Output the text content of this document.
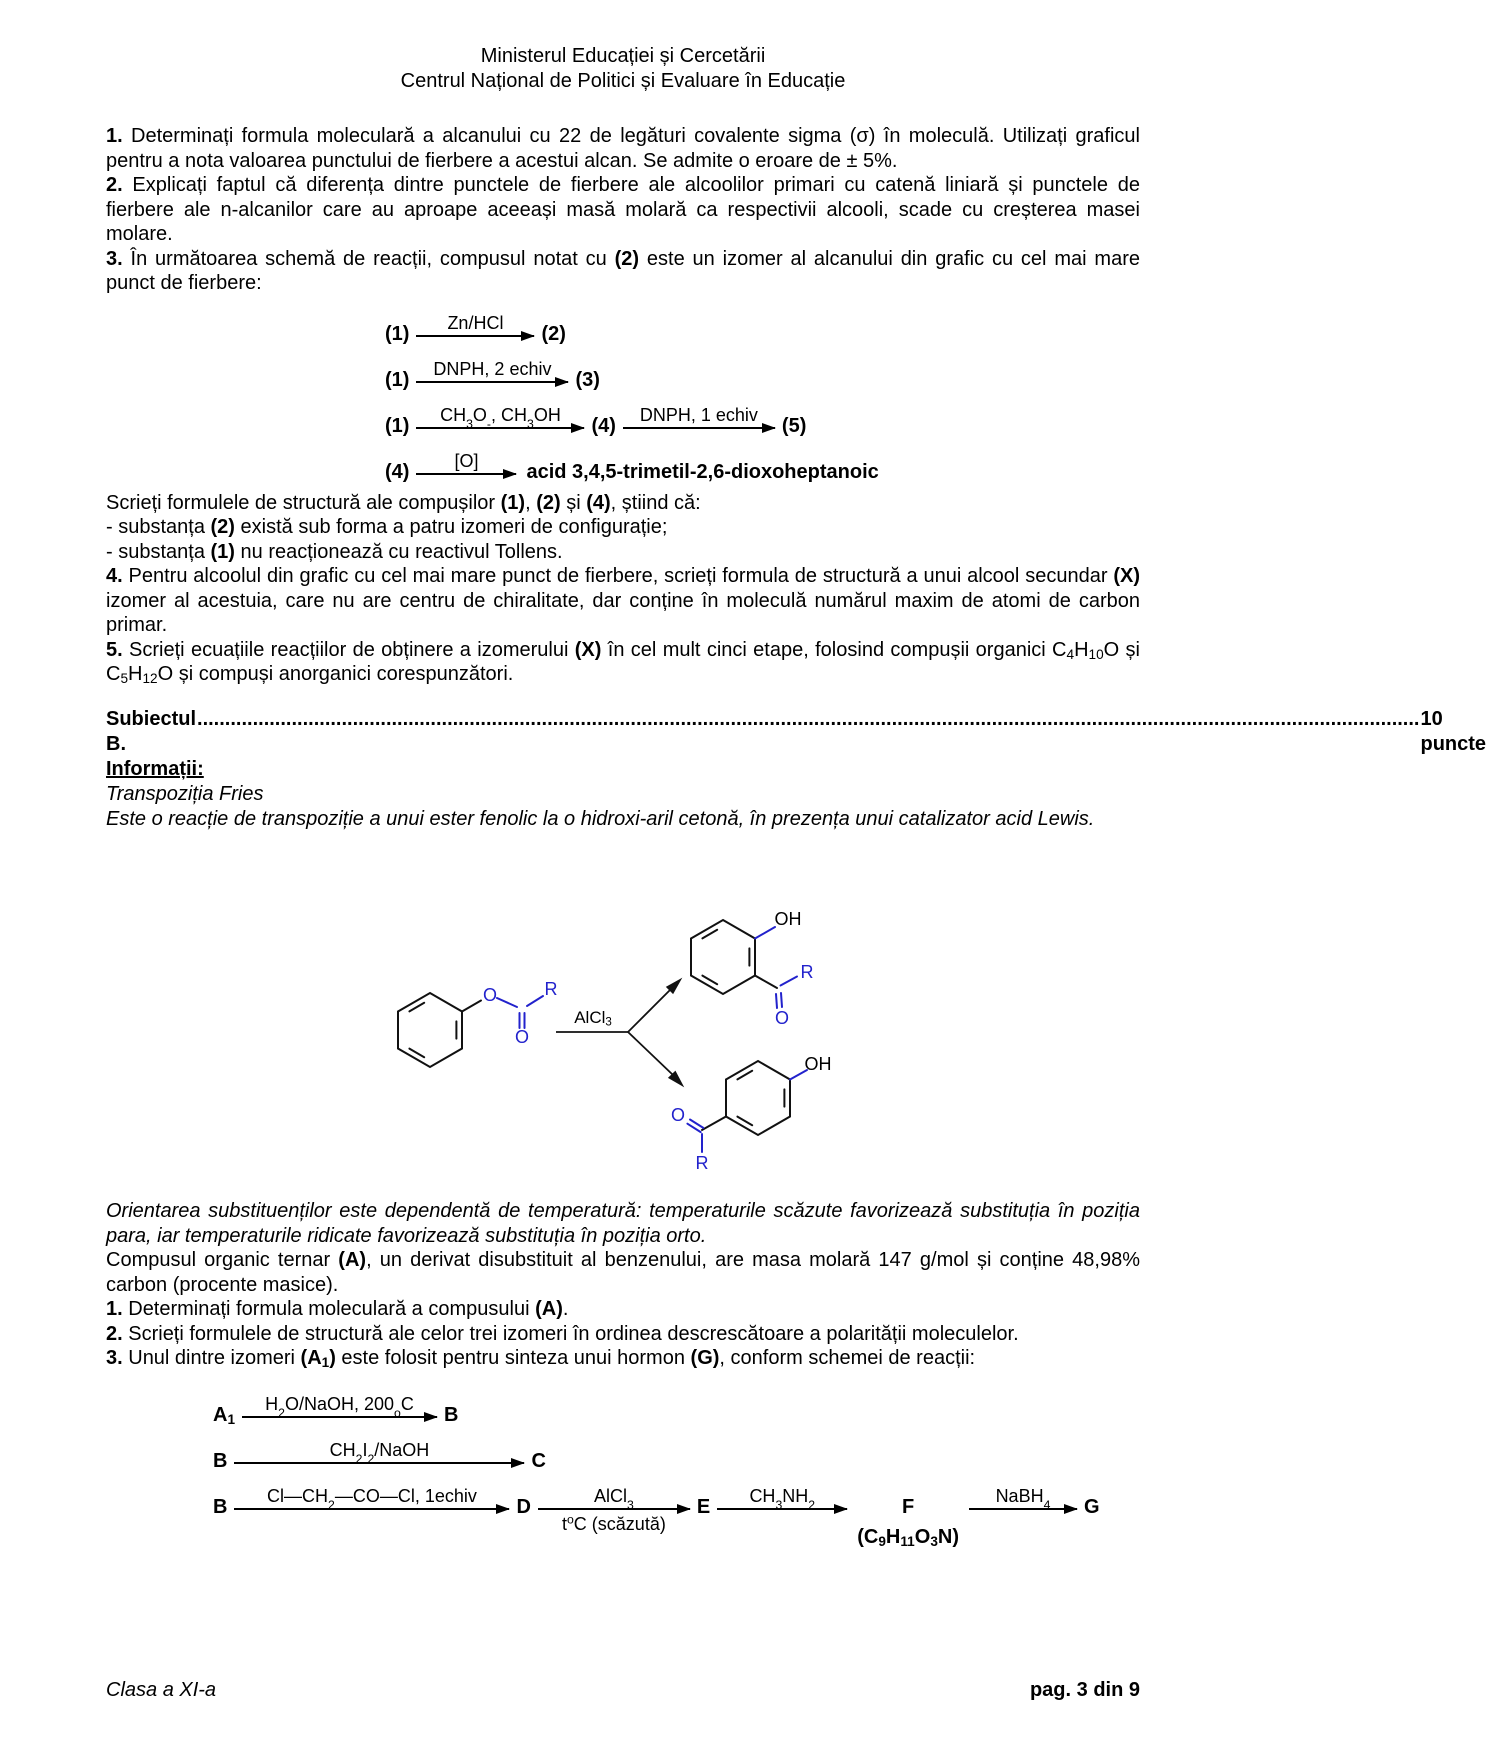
Ministerul Educației și Cercetării
Centrul Național de Politici și Evaluare în Educație
1. Determinați formula moleculară a alcanului cu 22 de legături covalente sigma (σ) în moleculă. Utilizați graficul pentru a nota valoarea punctului de fierbere a acestui alcan. Se admite o eroare de ± 5%.
2. Explicați faptul că diferența dintre punctele de fierbere ale alcoolilor primari cu catenă liniară și punctele de fierbere ale n-alcanilor care au aproape aceeași masă molară ca respectivii alcooli, scade cu creșterea masei molare.
3. În următoarea schemă de reacții, compusul notat cu (2) este un izomer al alcanului din grafic cu cel mai mare punct de fierbere:
(1) Zn/HCl (2)
(1) DNPH, 2 echiv (3)
(1) CH 3 O - , CH 3 OH (4) DNPH, 1 echiv (5)
(4) [O] acid 3,4,5-trimetil-2,6-dioxoheptanoic
Scrieți formulele de structură ale compușilor (1), (2) și (4), știind că:
- substanța (2) există sub forma a patru izomeri de configurație;
- substanța (1) nu reacționează cu reactivul Tollens.
4. Pentru alcoolul din grafic cu cel mai mare punct de fierbere, scrieți formula de structură a unui alcool secundar (X) izomer al acestuia, care nu are centru de chiralitate, dar conține în moleculă numărul maxim de atomi de carbon primar.
5. Scrieți ecuațiile reacțiilor de obținere a izomerului (X) în cel mult cinci etape, folosind compușii organici $C_4H_{10}O$ și $C_5H_{12}O$ și compuși anorganici corespunzători.
Subiectul B.
............................................................................................................................................................................................................................ 10 puncte
Informații:
Transpoziția Fries
Este o reacție de transpoziție a unui ester fenolic la o hidroxi-aril cetonă, în prezența unui catalizator acid Lewis.
O	R
O
AlCl$_3$
OH
R
O
OH
O
R
Orientarea substituenților este dependentă de temperatură: temperaturile scăzute favorizează substituția în poziția para, iar temperaturile ridicate favorizează substituția în poziția orto.
Compusul organic ternar (A), un derivat disubstituit al benzenului, are masa molară 147 g/mol și conține 48,98% carbon (procente masice).
1. Determinați formula moleculară a compusului (A).
2. Scrieți formulele de structură ale celor trei izomeri în ordinea descrescătoare a polarității moleculelor.
3. Unul dintre izomeri $(A_1)$ este folosit pentru sinteza unui hormon (G), conform schemei de reacții:
$A_1$
H 2 O/NaOH, 200 o C B
B	CH 2 I 2 /NaOH	C
B Cl—CH 2 —CO—Cl, 1echiv D	AlCl 3
$t^oC$ (scăzută)
E CH 3 NH 2	F
$(C_9H_{11}O_3N)$
NaBH 4 G
Clasa a XI-a	pag. 3 din 9
